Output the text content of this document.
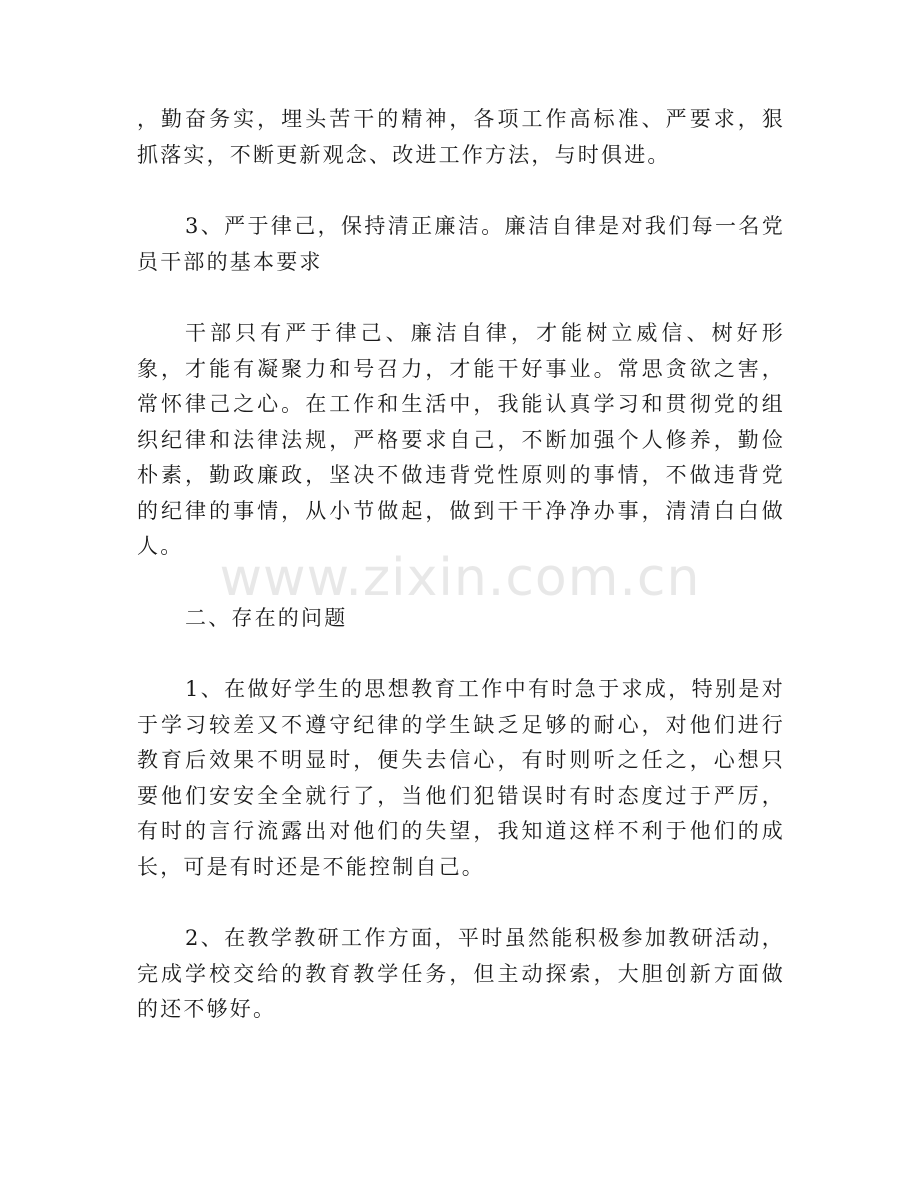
，勤奋务实，埋头苦干的精神，各项工作高标准、严要求，狠抓落实，不断更新观念、改进工作方法，与时俱进。

3、严于律己，保持清正廉洁。廉洁自律是对我们每一名党员干部的基本要求

干部只有严于律己、廉洁自律，才能树立威信、树好形象，才能有凝聚力和号召力，才能干好事业。常思贪欲之害，常怀律己之心。在工作和生活中，我能认真学习和贯彻党的组织纪律和法律法规，严格要求自己，不断加强个人修养，勤俭朴素，勤政廉政，坚决不做违背党性原则的事情，不做违背党的纪律的事情，从小节做起，做到干干净净办事，清清白白做人。

二、存在的问题

1、在做好学生的思想教育工作中有时急于求成，特别是对于学习较差又不遵守纪律的学生缺乏足够的耐心，对他们进行教育后效果不明显时，便失去信心，有时则听之任之，心想只要他们安安全全就行了，当他们犯错误时有时态度过于严厉，有时的言行流露出对他们的失望，我知道这样不利于他们的成长，可是有时还是不能控制自己。

2、在教学教研工作方面，平时虽然能积极参加教研活动，完成学校交给的教育教学任务，但主动探索，大胆创新方面做的还不够好。

www.zixin.com.cn
